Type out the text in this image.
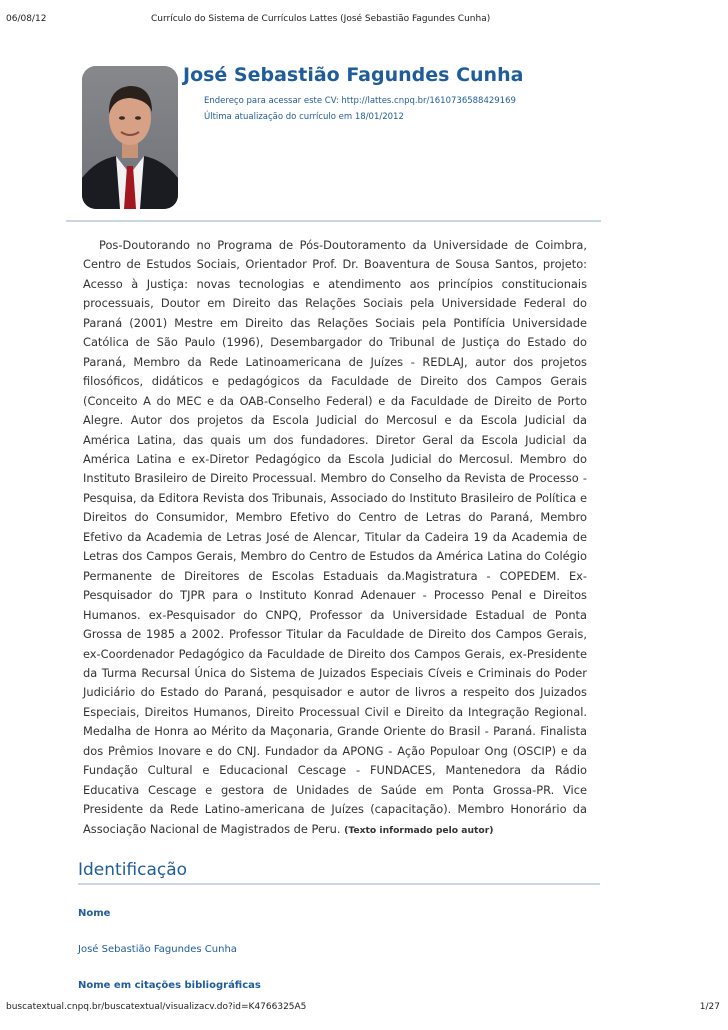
06/08/12	Currículo do Sistema de Currículos Lattes (José Sebastião Fagundes Cunha)
José Sebastião Fagundes Cunha
Endereço para acessar este CV: http://lattes.cnpq.br/1610736588429169
Última atualização do currículo em 18/01/2012
Pos-Doutorando no Programa de Pós-Doutoramento da Universidade de Coimbra, Centro de Estudos Sociais, Orientador Prof. Dr. Boaventura de Sousa Santos, projeto: Acesso à Justiça: novas tecnologias e atendimento aos princípios constitucionais processuais, Doutor em Direito das Relações Sociais pela Universidade Federal do Paraná (2001) Mestre em Direito das Relações Sociais pela Pontifícia Universidade Católica de São Paulo (1996), Desembargador do Tribunal de Justiça do Estado do Paraná, Membro da Rede Latinoamericana de Juízes - REDLAJ, autor dos projetos filosóficos, didáticos e pedagógicos da Faculdade de Direito dos Campos Gerais (Conceito A do MEC e da OAB-Conselho Federal) e da Faculdade de Direito de Porto Alegre. Autor dos projetos da Escola Judicial do Mercosul e da Escola Judicial da América Latina, das quais um dos fundadores. Diretor Geral da Escola Judicial da América Latina e ex-Diretor Pedagógico da Escola Judicial do Mercosul. Membro do Instituto Brasileiro de Direito Processual. Membro do Conselho da Revista de Processo - Pesquisa, da Editora Revista dos Tribunais, Associado do Instituto Brasileiro de Política e Direitos do Consumidor, Membro Efetivo do Centro de Letras do Paraná, Membro Efetivo da Academia de Letras José de Alencar, Titular da Cadeira 19 da Academia de Letras dos Campos Gerais, Membro do Centro de Estudos da América Latina do Colégio Permanente de Direitores de Escolas Estaduais da.Magistratura - COPEDEM. Ex-Pesquisador do TJPR para o Instituto Konrad Adenauer - Processo Penal e Direitos Humanos. ex-Pesquisador do CNPQ, Professor da Universidade Estadual de Ponta Grossa de 1985 a 2002. Professor Titular da Faculdade de Direito dos Campos Gerais, ex-Coordenador Pedagógico da Faculdade de Direito dos Campos Gerais, ex-Presidente da Turma Recursal Única do Sistema de Juizados Especiais Cíveis e Criminais do Poder Judiciário do Estado do Paraná, pesquisador e autor de livros a respeito dos Juizados Especiais, Direitos Humanos, Direito Processual Civil e Direito da Integração Regional. Medalha de Honra ao Mérito da Maçonaria, Grande Oriente do Brasil - Paraná. Finalista dos Prêmios Inovare e do CNJ. Fundador da APONG - Ação Populoar Ong (OSCIP) e da Fundação Cultural e Educacional Cescage - FUNDACES, Mantenedora da Rádio Educativa Cescage e gestora de Unidades de Saúde em Ponta Grossa-PR. Vice Presidente da Rede Latino-americana de Juízes (capacitação). Membro Honorário da Associação Nacional de Magistrados de Peru. (Texto informado pelo autor)
Identificação
Nome
José Sebastião Fagundes Cunha
Nome em citações bibliográficas
buscatextual.cnpq.br/buscatextual/visualizacv.do?id=K4766325A5	1/27
